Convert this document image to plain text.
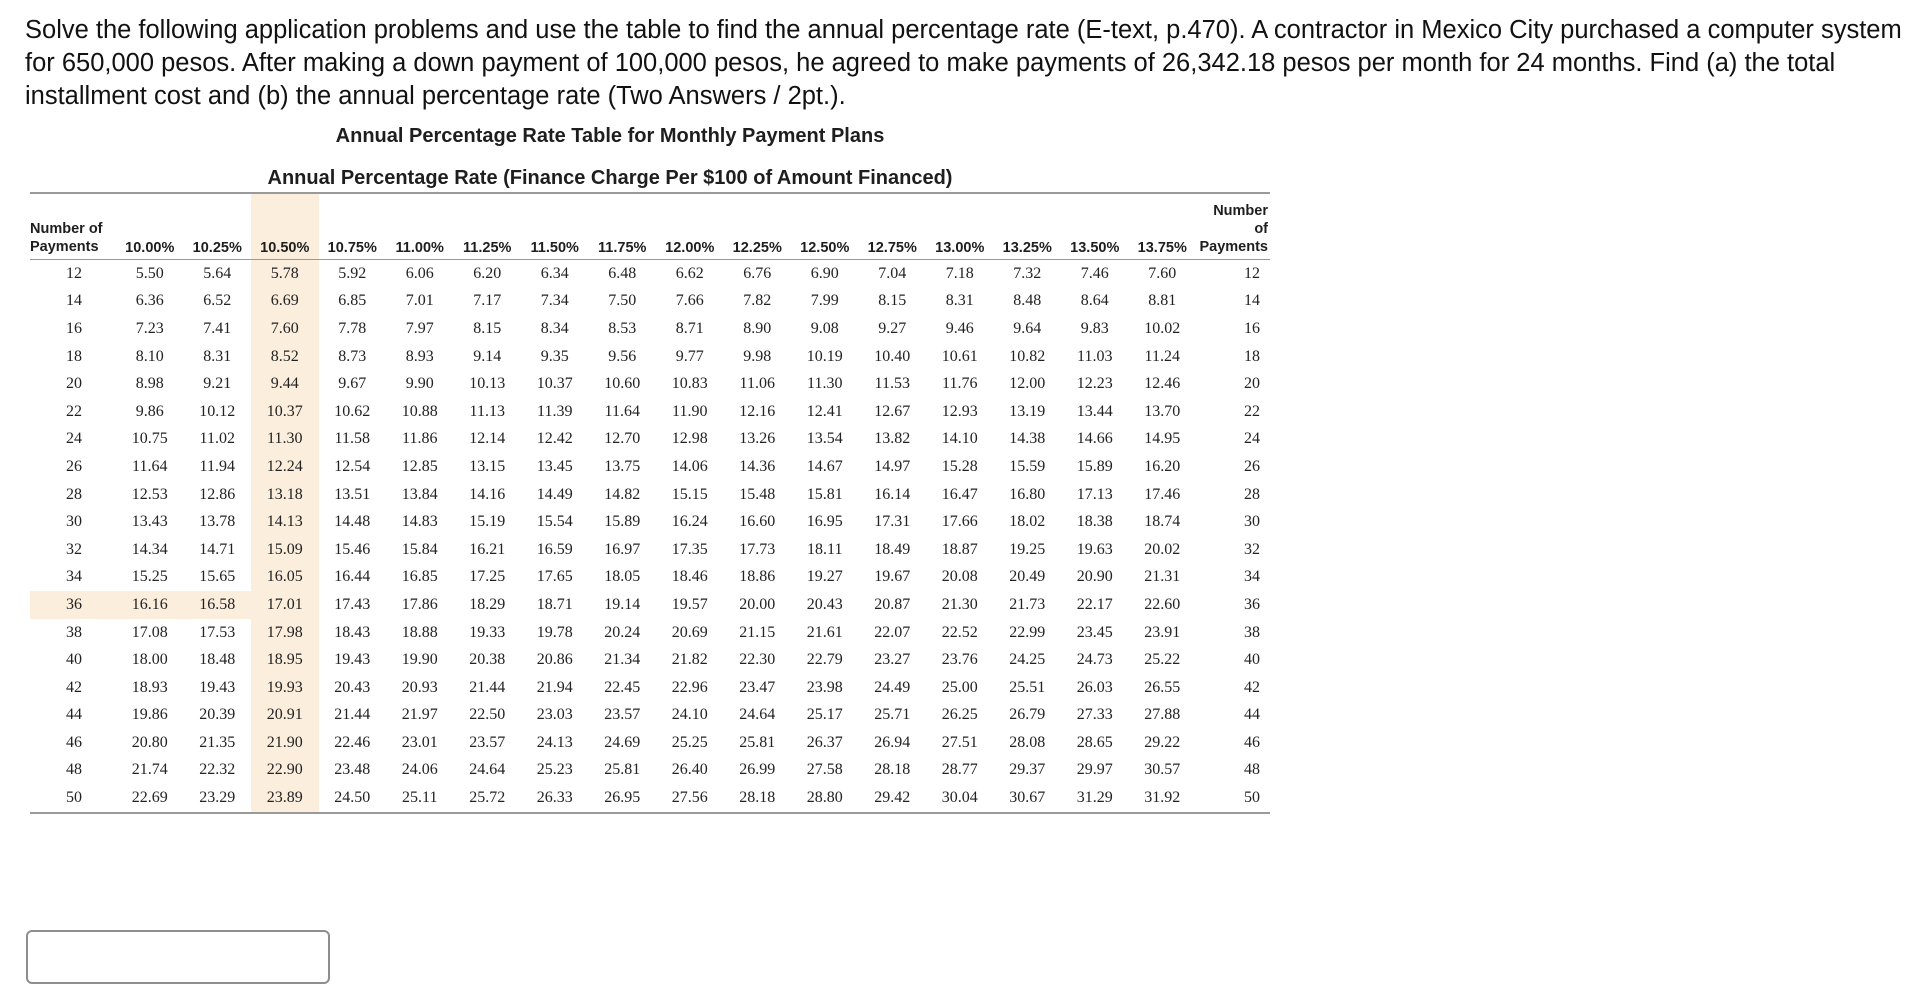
Solve the following application problems and use the table to find the annual percentage rate (E-text, p.470). A contractor in Mexico City purchased a computer system for 650,000 pesos. After making a down payment of 100,000 pesos, he agreed to make payments of 26,342.18 pesos per month for 24 months. Find (a) the total installment cost and (b) the annual percentage rate (Two Answers / 2pt.).

Annual Percentage Rate Table for Monthly Payment Plans
Annual Percentage Rate (Finance Charge Per $100 of Amount Financed)
Number of
Payments	10.00%	10.25%	10.50%	10.75%	11.00%	11.25%	11.50%	11.75%	12.00%	12.25%	12.50%	12.75%	13.00%	13.25%	13.50%	13.75%	Number
of
Payments
12	5.50	5.64	5.78	5.92	6.06	6.20	6.34	6.48	6.62	6.76	6.90	7.04	7.18	7.32	7.46	7.60	12
14	6.36	6.52	6.69	6.85	7.01	7.17	7.34	7.50	7.66	7.82	7.99	8.15	8.31	8.48	8.64	8.81	14
16	7.23	7.41	7.60	7.78	7.97	8.15	8.34	8.53	8.71	8.90	9.08	9.27	9.46	9.64	9.83	10.02	16
18	8.10	8.31	8.52	8.73	8.93	9.14	9.35	9.56	9.77	9.98	10.19	10.40	10.61	10.82	11.03	11.24	18
20	8.98	9.21	9.44	9.67	9.90	10.13	10.37	10.60	10.83	11.06	11.30	11.53	11.76	12.00	12.23	12.46	20
22	9.86	10.12	10.37	10.62	10.88	11.13	11.39	11.64	11.90	12.16	12.41	12.67	12.93	13.19	13.44	13.70	22
24	10.75	11.02	11.30	11.58	11.86	12.14	12.42	12.70	12.98	13.26	13.54	13.82	14.10	14.38	14.66	14.95	24
26	11.64	11.94	12.24	12.54	12.85	13.15	13.45	13.75	14.06	14.36	14.67	14.97	15.28	15.59	15.89	16.20	26
28	12.53	12.86	13.18	13.51	13.84	14.16	14.49	14.82	15.15	15.48	15.81	16.14	16.47	16.80	17.13	17.46	28
30	13.43	13.78	14.13	14.48	14.83	15.19	15.54	15.89	16.24	16.60	16.95	17.31	17.66	18.02	18.38	18.74	30
32	14.34	14.71	15.09	15.46	15.84	16.21	16.59	16.97	17.35	17.73	18.11	18.49	18.87	19.25	19.63	20.02	32
34	15.25	15.65	16.05	16.44	16.85	17.25	17.65	18.05	18.46	18.86	19.27	19.67	20.08	20.49	20.90	21.31	34
36	16.16	16.58	17.01	17.43	17.86	18.29	18.71	19.14	19.57	20.00	20.43	20.87	21.30	21.73	22.17	22.60	36
38	17.08	17.53	17.98	18.43	18.88	19.33	19.78	20.24	20.69	21.15	21.61	22.07	22.52	22.99	23.45	23.91	38
40	18.00	18.48	18.95	19.43	19.90	20.38	20.86	21.34	21.82	22.30	22.79	23.27	23.76	24.25	24.73	25.22	40
42	18.93	19.43	19.93	20.43	20.93	21.44	21.94	22.45	22.96	23.47	23.98	24.49	25.00	25.51	26.03	26.55	42
44	19.86	20.39	20.91	21.44	21.97	22.50	23.03	23.57	24.10	24.64	25.17	25.71	26.25	26.79	27.33	27.88	44
46	20.80	21.35	21.90	22.46	23.01	23.57	24.13	24.69	25.25	25.81	26.37	26.94	27.51	28.08	28.65	29.22	46
48	21.74	22.32	22.90	23.48	24.06	24.64	25.23	25.81	26.40	26.99	27.58	28.18	28.77	29.37	29.97	30.57	48
50	22.69	23.29	23.89	24.50	25.11	25.72	26.33	26.95	27.56	28.18	28.80	29.42	30.04	30.67	31.29	31.92	50
